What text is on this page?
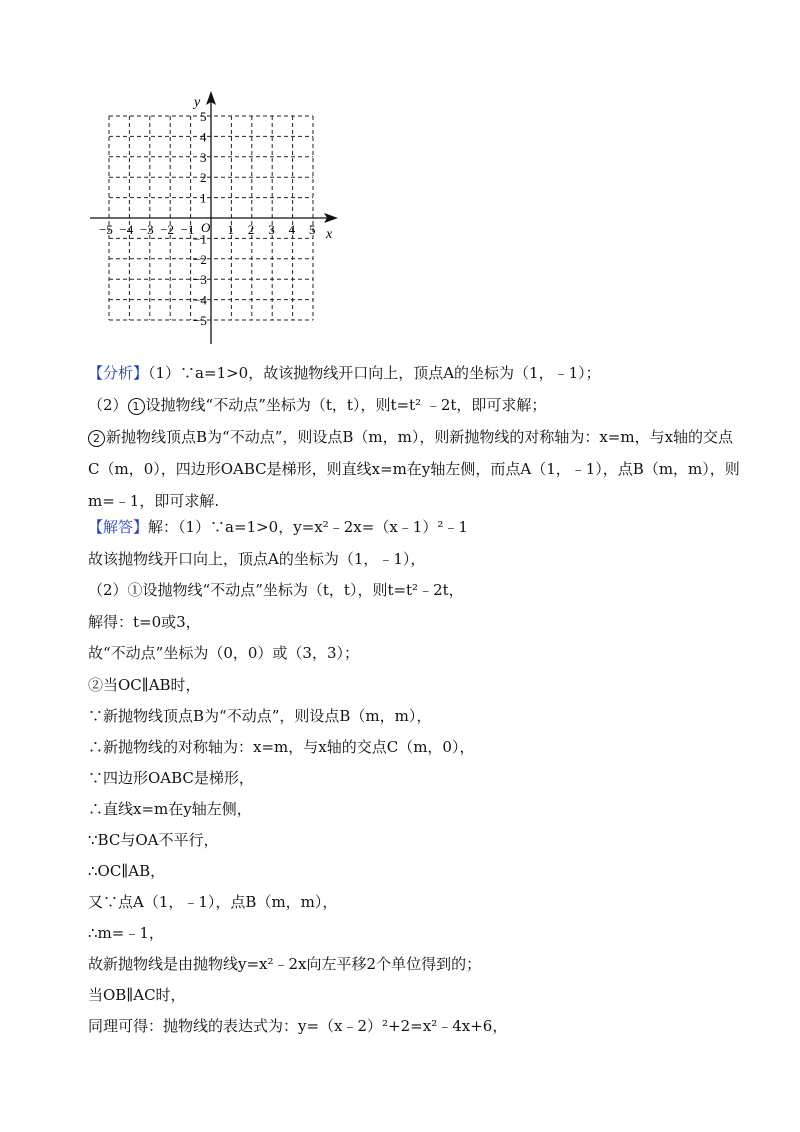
x
y
O
−5 −4 −3 −2 −1	1 2 3 4 5
5
4
3
2
1
−1
−2
−3
−4
−5
【分析】（1）∵a=1>0，故该抛物线开口向上，顶点A的坐标为（1，﹣1）；
（2） 1 设抛物线“不动点”坐标为（t，t），则t=t² ﹣2t，即可求解；
2 新抛物线顶点B为“不动点”，则设点B（m，m），则新抛物线的对称轴为：x=m，与x轴的交点
C（m，0），四边形OABC是梯形，则直线x=m在y轴左侧，而点A（1，﹣1），点B（m，m），则
m=﹣1，即可求解.
【解答】解：（1）∵a=1>0，y=x²﹣2x=（x﹣1）²﹣1
故该抛物线开口向上，顶点A的坐标为（1，﹣1），
（2）①设抛物线“不动点”坐标为（t，t），则t=t²﹣2t，
解得：t=0或3，
故“不动点”坐标为（0，0）或（3，3）；
②当OC∥AB时，
∵新抛物线顶点B为“不动点”，则设点B（m，m），
∴新抛物线的对称轴为：x=m，与x轴的交点C（m，0），
∵四边形OABC是梯形，
∴直线x=m在y轴左侧，
∵BC与OA不平行，
∴OC∥AB，
又∵点A（1，﹣1），点B（m，m），
∴m=﹣1，
故新抛物线是由抛物线y=x²﹣2x向左平移2个单位得到的；
当OB∥AC时，
同理可得：抛物线的表达式为：y=（x﹣2）²+2=x²﹣4x+6，
